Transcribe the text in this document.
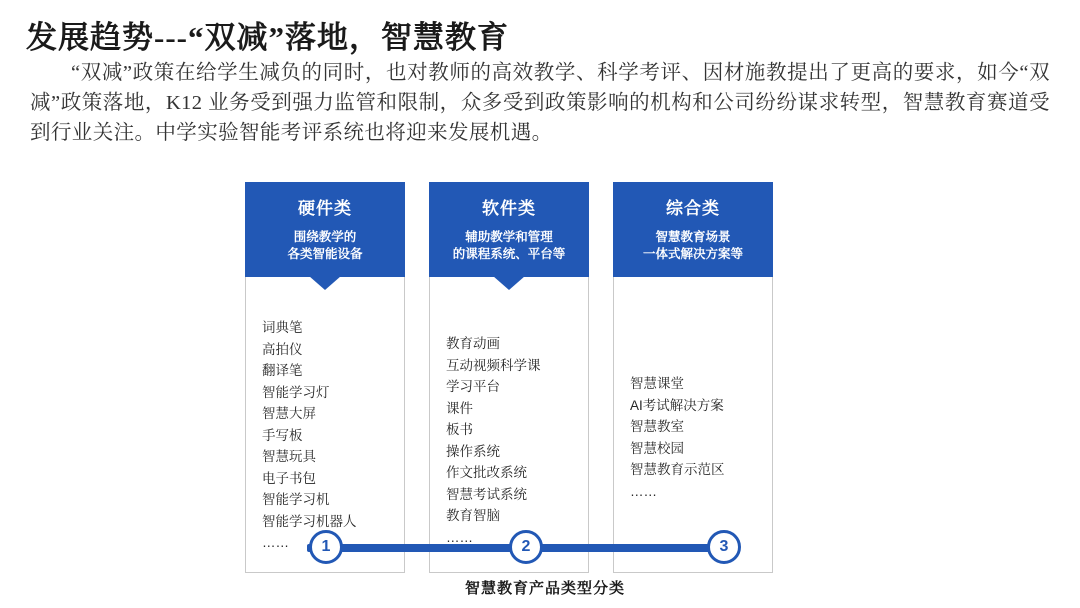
发展趋势---“双减”落地，智慧教育
“双减”政策在给学生减负的同时，也对教师的高效教学、科学考评、因材施教提出了更高的要求，如今“双减”政策落地，K12 业务受到强力监管和限制，众多受到政策影响的机构和公司纷纷谋求转型，智慧教育赛道受到行业关注。中学实验智能考评系统也将迎来发展机遇。
硬件类
围绕教学的
各类智能设备
词典笔
高拍仪
翻译笔
智能学习灯
智慧大屏
手写板
智慧玩具
电子书包
智能学习机
智能学习机器人
……
软件类
辅助教学和管理
的课程系统、平台等
教育动画
互动视频科学课
学习平台
课件
板书
操作系统
作文批改系统
智慧考试系统
教育智脑
……
综合类
智慧教育场景
一体式解决方案等
智慧课堂
AI考试解决方案
智慧教室
智慧校园
智慧教育示范区
……
1	2	3
智慧教育产品类型分类
